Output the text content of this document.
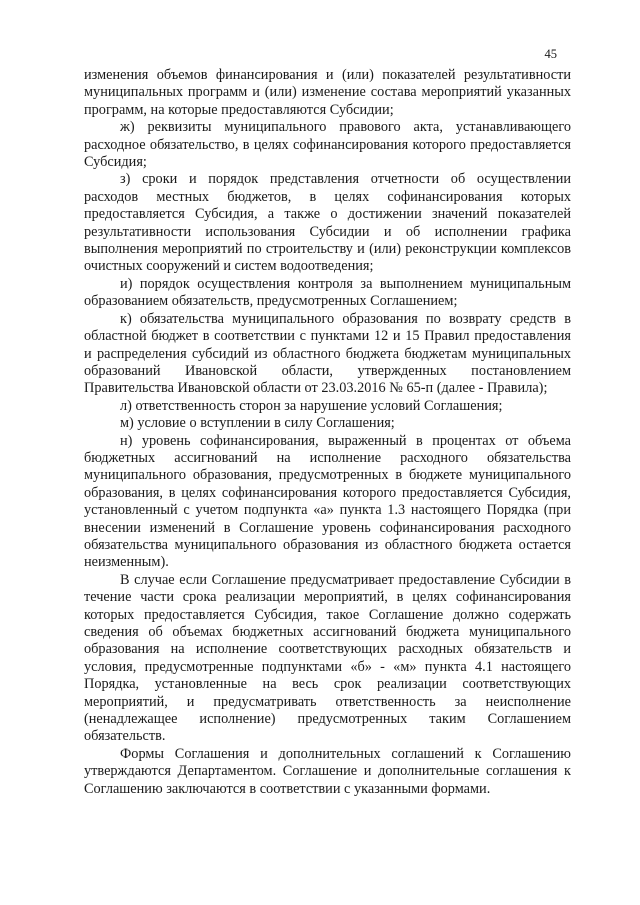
45

изменения объемов финансирования и (или) показателей результативности муниципальных программ и (или) изменение состава мероприятий указанных программ, на которые предоставляются Субсидии;

ж) реквизиты муниципального правового акта, устанавливающего расходное обязательство, в целях софинансирования которого предоставляется Субсидия;

з) сроки и порядок представления отчетности об осуществлении расходов местных бюджетов, в целях софинансирования которых предоставляется Субсидия, а также о достижении значений показателей результативности использования Субсидии и об исполнении графика выполнения мероприятий по строительству и (или) реконструкции комплексов очистных сооружений и систем водоотведения;

и) порядок осуществления контроля за выполнением муниципальным образованием обязательств, предусмотренных Соглашением;

к) обязательства муниципального образования по возврату средств в областной бюджет в соответствии с пунктами 12 и 15 Правил предоставления и распределения субсидий из областного бюджета бюджетам муниципальных образований Ивановской области, утвержденных постановлением Правительства Ивановской области от 23.03.2016 № 65-п (далее - Правила);

л) ответственность сторон за нарушение условий Соглашения;

м) условие о вступлении в силу Соглашения;

н) уровень софинансирования, выраженный в процентах от объема бюджетных ассигнований на исполнение расходного обязательства муниципального образования, предусмотренных в бюджете муниципального образования, в целях софинансирования которого предоставляется Субсидия, установленный с учетом подпункта «а» пункта 1.3 настоящего Порядка (при внесении изменений в Соглашение уровень софинансирования расходного обязательства муниципального образования из областного бюджета остается неизменным).

В случае если Соглашение предусматривает предоставление Субсидии в течение части срока реализации мероприятий, в целях софинансирования которых предоставляется Субсидия, такое Соглашение должно содержать сведения об объемах бюджетных ассигнований бюджета муниципального образования на исполнение соответствующих расходных обязательств и условия, предусмотренные подпунктами «б» - «м» пункта 4.1 настоящего Порядка, установленные на весь срок реализации соответствующих мероприятий, и предусматривать ответственность за неисполнение (ненадлежащее исполнение) предусмотренных таким Соглашением обязательств.

Формы Соглашения и дополнительных соглашений к Соглашению утверждаются Департаментом. Соглашение и дополнительные соглашения к Соглашению заключаются в соответствии с указанными формами.
